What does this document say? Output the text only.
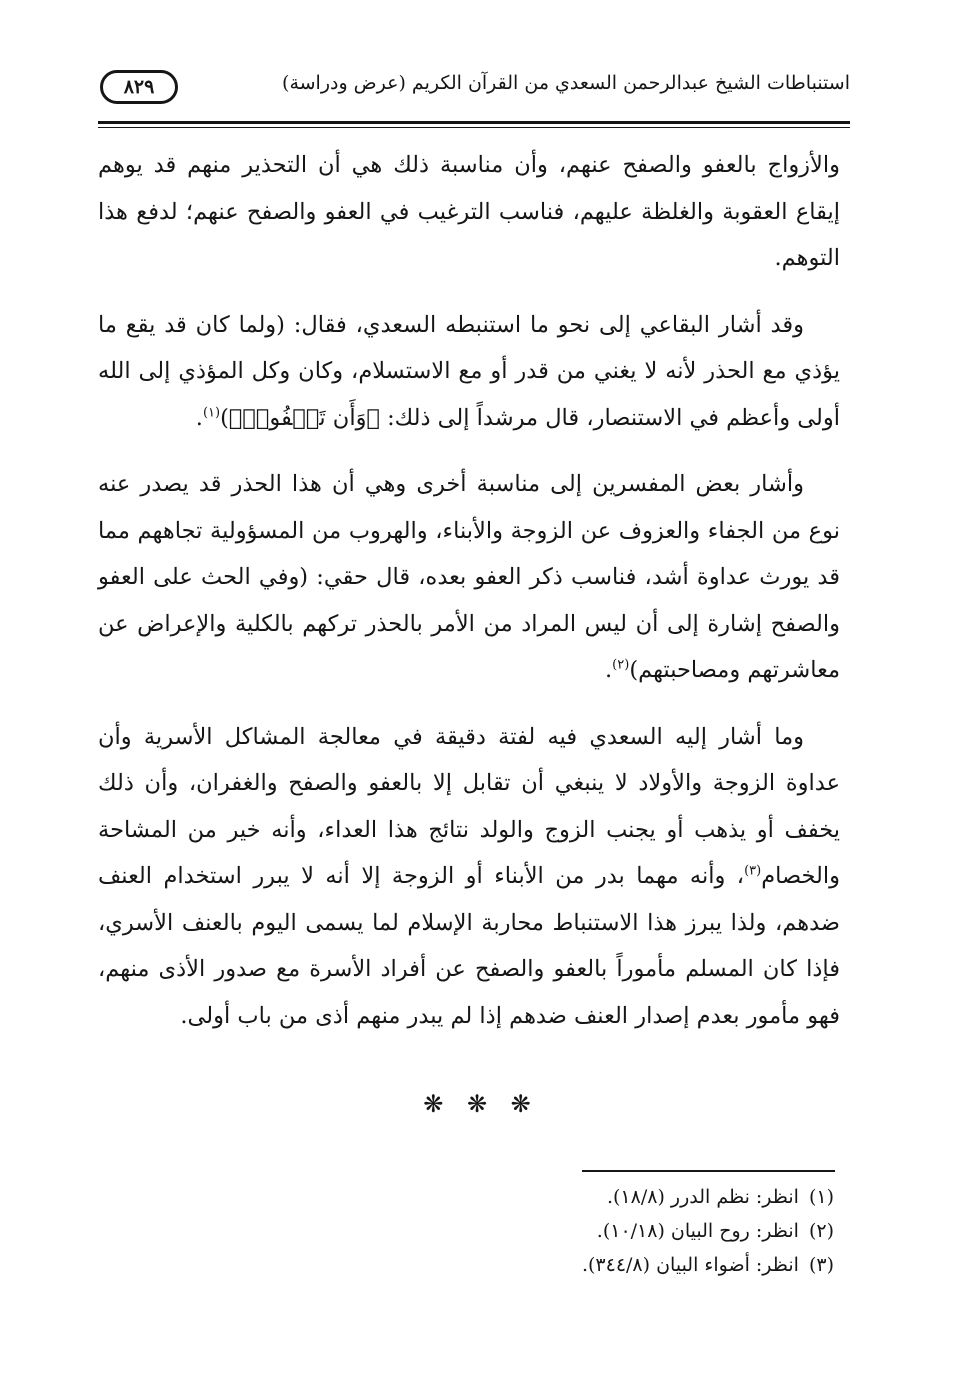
استنباطات الشيخ عبدالرحمن السعدي من القرآن الكريم (عرض ودراسة)
٨٢٩

والأزواج بالعفو والصفح عنهم، وأن مناسبة ذلك هي أن التحذير منهم قد يوهم إيقاع العقوبة والغلظة عليهم، فناسب الترغيب في العفو والصفح عنهم؛ لدفع هذا التوهم.

وقد أشار البقاعي إلى نحو ما استنبطه السعدي، فقال: (ولما كان قد يقع ما يؤذي مع الحذر لأنه لا يغني من قدر أو مع الاستسلام، وكان وكل المؤذي إلى الله أولى وأعظم في الاستنصار، قال مرشداً إلى ذلك: ﴿وَأَن تَعۡفُوا۟﴾)$^{(١)}$.

وأشار بعض المفسرين إلى مناسبة أخرى وهي أن هذا الحذر قد يصدر عنه نوع من الجفاء والعزوف عن الزوجة والأبناء، والهروب من المسؤولية تجاههم مما قد يورث عداوة أشد، فناسب ذكر العفو بعده، قال حقي: (وفي الحث على العفو والصفح إشارة إلى أن ليس المراد من الأمر بالحذر تركهم بالكلية والإعراض عن معاشرتهم ومصاحبتهم)$^{(٢)}$.

وما أشار إليه السعدي فيه لفتة دقيقة في معالجة المشاكل الأسرية وأن عداوة الزوجة والأولاد لا ينبغي أن تقابل إلا بالعفو والصفح والغفران، وأن ذلك يخفف أو يذهب أو يجنب الزوج والولد نتائج هذا العداء، وأنه خير من المشاحة والخصام$^{(٣)}$، وأنه مهما بدر من الأبناء أو الزوجة إلا أنه لا يبرر استخدام العنف ضدهم، ولذا يبرز هذا الاستنباط محاربة الإسلام لما يسمى اليوم بالعنف الأسري، فإذا كان المسلم مأموراً بالعفو والصفح عن أفراد الأسرة مع صدور الأذى منهم، فهو مأمور بعدم إصدار العنف ضدهم إذا لم يبدر منهم أذى من باب أولى.

❋ ❋ ❋
(١)انظر: نظم الدرر (١٨/٨).
(٢)انظر: روح البيان (١٠/١٨).
(٣)انظر: أضواء البيان (٣٤٤/٨).
